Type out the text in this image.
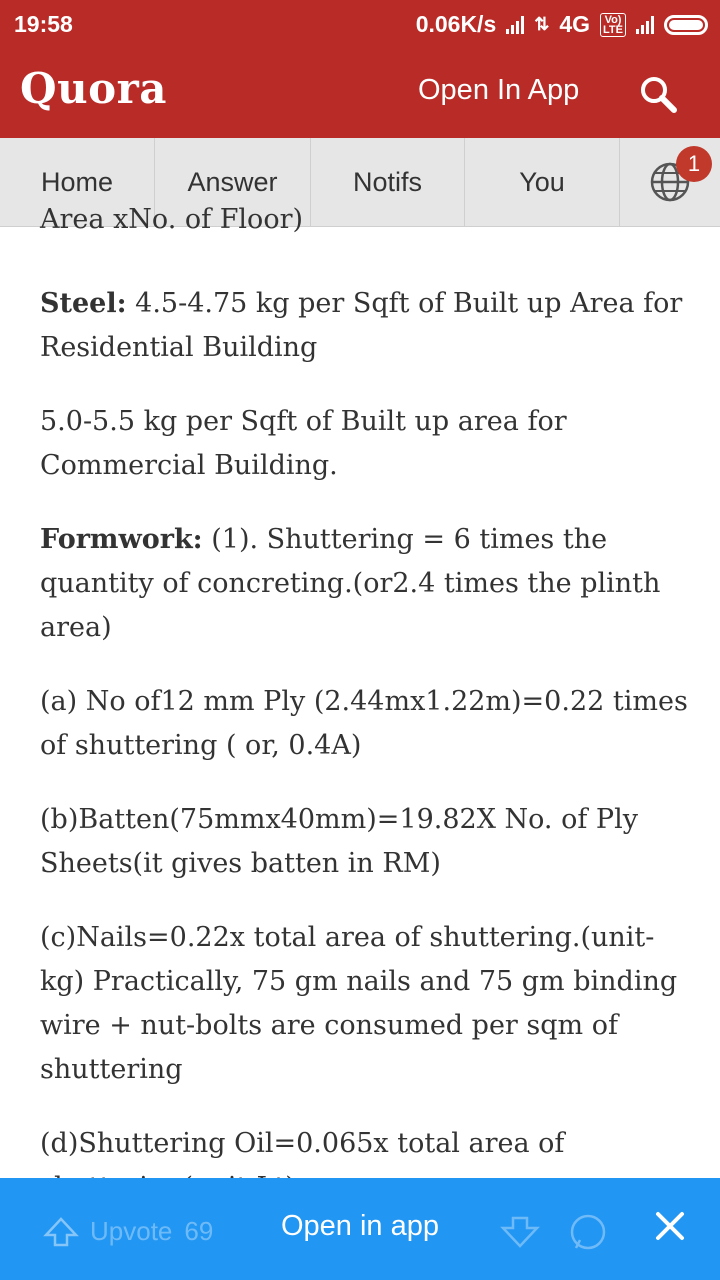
19:58	0.06K/s ⇅ 4G	Vo)
LTE
Quora	Open In App
Home	Answer	Notifs	You
1

Area xNo. of Floor)

Steel: 4.5-4.75 kg per Sqft of Built up Area for Residential Building

5.0-5.5 kg per Sqft of Built up area for Commercial Building.

Formwork: (1). Shuttering = 6 times the quantity of concreting.(or2.4 times the plinth area)

(a) No of12 mm Ply (2.44mx1.22m)=0.22 times of shuttering ( or, 0.4A)

(b)Batten(75mmx40mm)=19.82X No. of Ply Sheets(it gives batten in RM)

(c)Nails=0.22x total area of shuttering.(unit-kg) Practically, 75 gm nails and 75 gm binding wire + nut-bolts are consumed per sqm of shuttering

(d)Shuttering Oil=0.065x total area of

Upvote 69	Open in app
